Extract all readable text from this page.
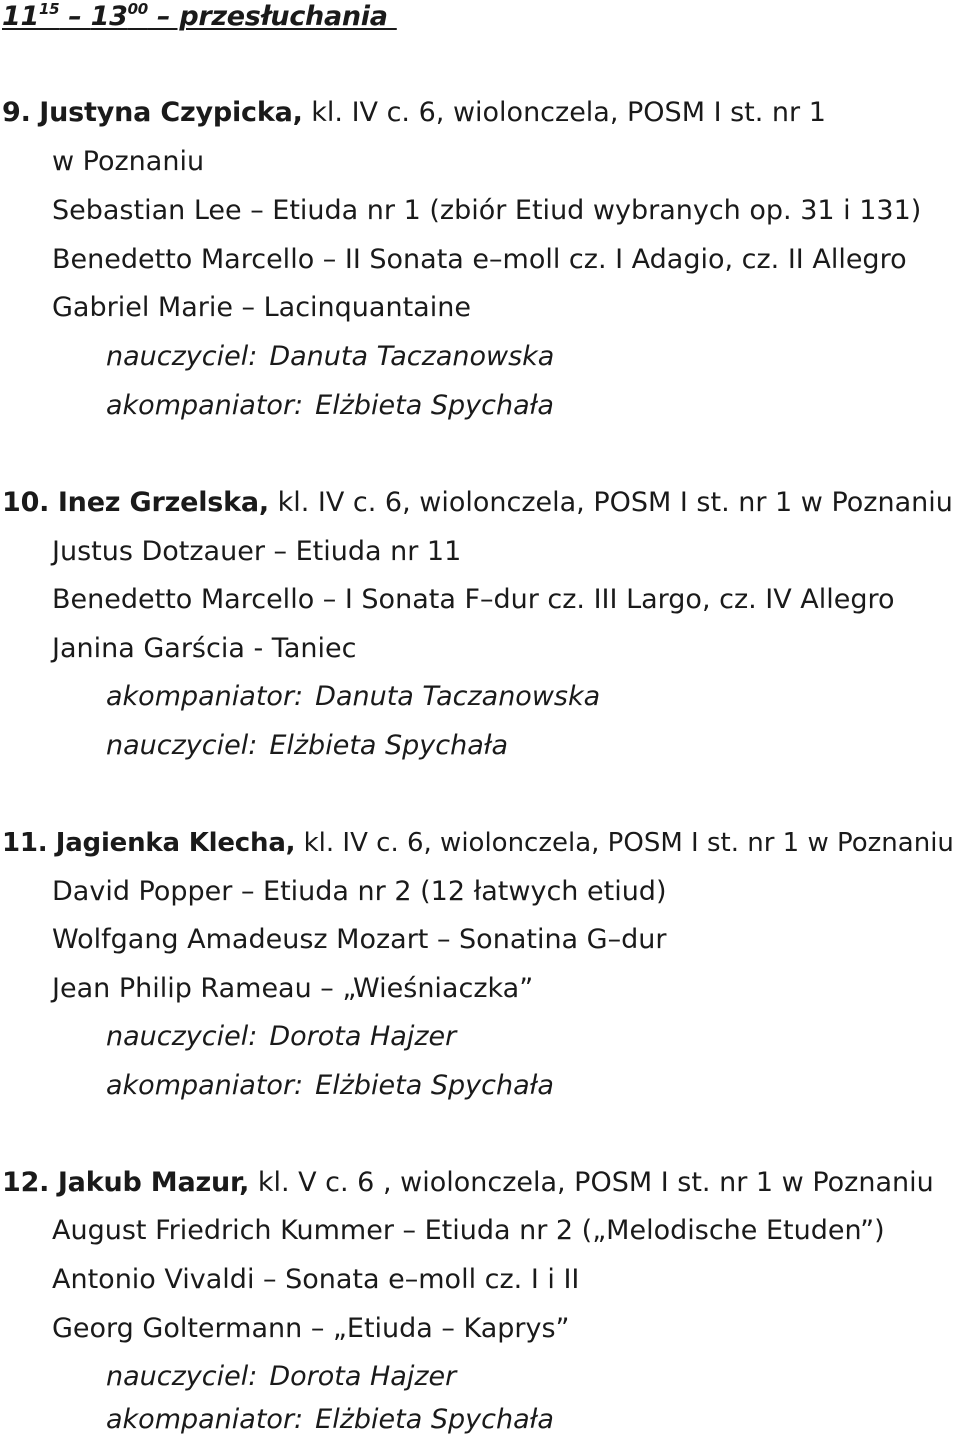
$11^{15} - 13^{00}$ – przesłuchania
9. Justyna Czypicka, kl. IV c. 6, wiolonczela, POSM I st. nr 1
w Poznaniu
Sebastian Lee – Etiuda nr 1 (zbiór Etiud wybranych op. 31 i 131)
Benedetto Marcello – II Sonata e–moll cz. I Adagio, cz. II Allegro
Gabriel Marie – Lacinquantaine
nauczyciel: Danuta Taczanowska
akompaniator: Elżbieta Spychała
10. Inez Grzelska, kl. IV c. 6, wiolonczela, POSM I st. nr 1 w Poznaniu
Justus Dotzauer – Etiuda nr 11
Benedetto Marcello – I Sonata F–dur cz. III Largo, cz. IV Allegro
Janina Garścia - Taniec
akompaniator: Danuta Taczanowska
nauczyciel: Elżbieta Spychała
11. Jagienka Klecha, kl. IV c. 6, wiolonczela, POSM I st. nr 1 w Poznaniu
David Popper – Etiuda nr 2 (12 łatwych etiud)
Wolfgang Amadeusz Mozart – Sonatina G–dur
Jean Philip Rameau – „Wieśniaczka”
nauczyciel: Dorota Hajzer
akompaniator: Elżbieta Spychała
12. Jakub Mazur, kl. V c. 6 , wiolonczela, POSM I st. nr 1 w Poznaniu
August Friedrich Kummer – Etiuda nr 2 („Melodische Etuden”)
Antonio Vivaldi – Sonata e–moll cz. I i II
Georg Goltermann – „Etiuda – Kaprys”
nauczyciel: Dorota Hajzer
akompaniator: Elżbieta Spychała
